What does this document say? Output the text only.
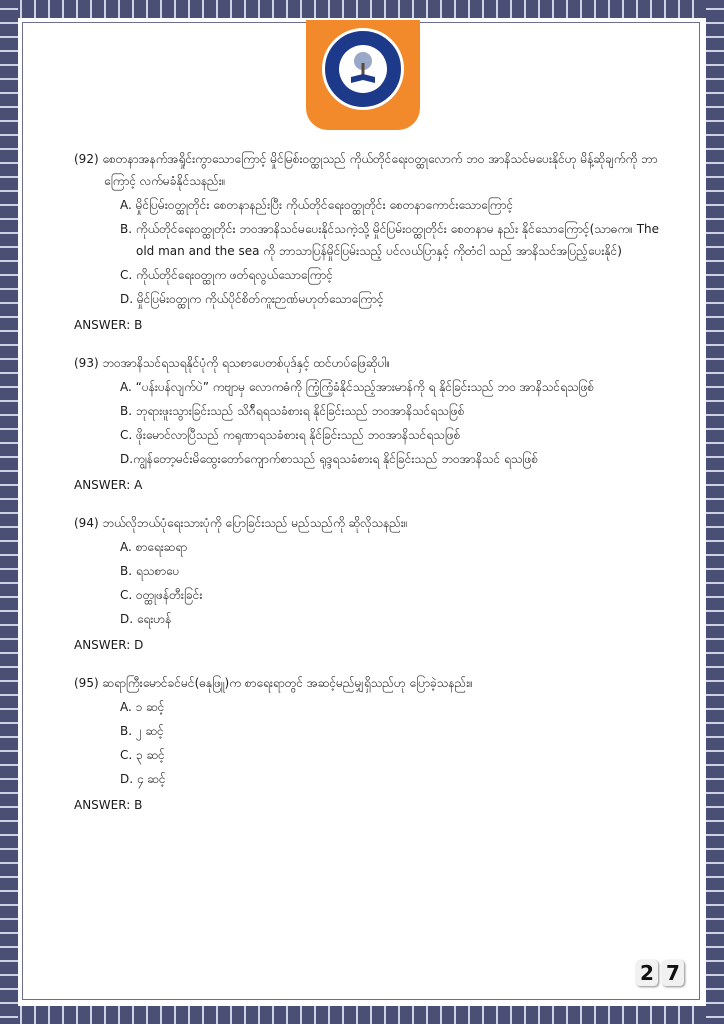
(92) စေတနာအနက်အရှိုင်းကွာသောကြောင့် မှိုင်မြစ်းဝတ္ထုသည် ကိုယ်တိုင်ရေးဝတ္ထုလောက် ဘဝ အာနိသင်မပေးနိုင်ဟု မိန့်ဆိုချက်ကို ဘာကြောင့် လက်မခံနိုင်သနည်း။
A. မှိုင်ပြမ်းဝတ္ထုတိုင်း စေတနာနည်းပြီး ကိုယ်တိုင်ရေးဝတ္ထုတိုင်း စေတနာကောင်းသောကြောင့်
B. ကိုယ်တိုင်ရေးဝတ္ထုတိုင်း ဘဝအာနိသင်မပေးနိုင်သကဲ့သို့ မှိုင်ပြမ်းဝတ္ထုတိုင်း စေတနာမ နည်း နိုင်သောကြောင့်(သာဓက။ The old man and the sea ကို ဘာသာပြန်မှိုင်ပြမ်းသည့် ပင်လယ်ပြာနှင့် ကိုတံငါ သည် အာနိသင်အပြည့်ပေးနိုင်)
C. ကိုယ်တိုင်ရေးဝတ္ထုက ဖတ်ရလွယ်သောကြောင့်
D. မှိုင်ပြမ်းဝတ္ထုက ကိုယ်ပိုင်စိတ်ကူးဉာဏ်မဟုတ်သောကြောင့်
ANSWER: B
(93) ဘဝအာနိသင်ရသရနိုင်ပုံကို ရသစာပေတစ်ပုဒ်နှင့် ထင်ဟပ်ဖြေဆိုပါ။
A. “ပန်းပန်လျက်ပဲ” ကဗျာမှ လောကဓံကို ကြံ့ကြံ့ခံနိုင်သည့်အားမာန်ကို ရ နိုင်ခြင်းသည် ဘဝ အာနိသင်ရသဖြစ်
B. ဘုရားဖူးသွားခြင်းသည် သိဂ်ီရရသခံစားရ နိုင်ခြင်းသည် ဘဝအာနိသင်ရသဖြစ်
C. ဖိုးမောင်လာပြီသည် ကရုဏာရသခံစားရ နိုင်ခြင်းသည် ဘဝအာနိသင်ရသဖြစ်
D.ကျွန်တော့မင်းမိထွေးတော်ကျောက်စာသည် ရုဒ္ဒရသခံစားရ နိုင်ခြင်းသည် ဘဝအာနိသင် ရသဖြစ်
ANSWER: A
(94) ဘယ်လိုဘယ်ပုံရေးသားပုံကို ပြောခြင်းသည် မည်သည်ကို ဆိုလိုသနည်း။
A. စာရေးဆရာ
B. ရသစာပေ
C. ဝတ္ထုဖန်တီးခြင်း
D. ရေးဟန်
ANSWER: D
(95) ဆရာကြီးမောင်ခင်မင်(ဓနုဖြူ)က စာရေးရာတွင် အဆင့်မည်မျှရှိသည်ဟု ပြောခဲ့သနည်း။
A. ၁ ဆင့်
B. ၂ ဆင့်
C. ၃ ဆင့်
D. ၄ ဆင့်
ANSWER: B
2 7
